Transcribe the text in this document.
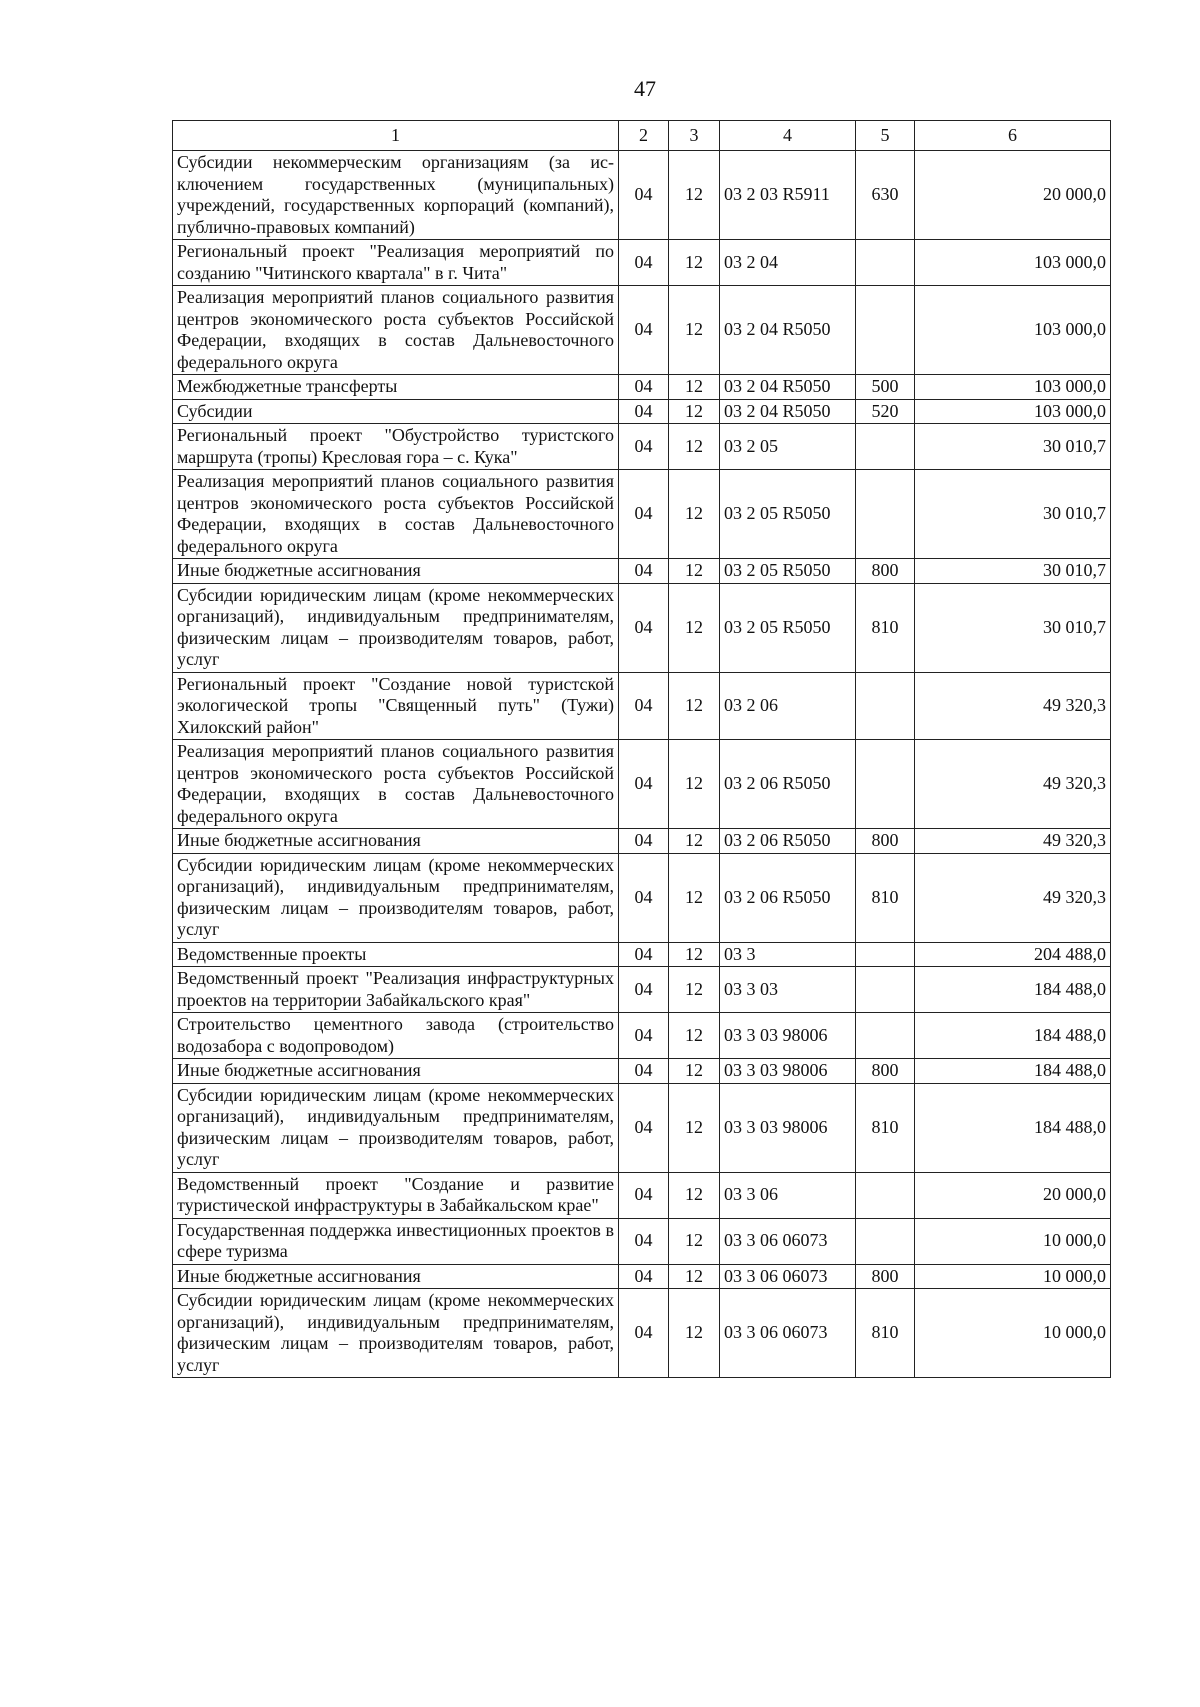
47
1	2	3	4	5	6
Субсидии некоммерческим организациям (за исключением государственных (муниципальных) учреждений, государственных корпораций (компаний), публично-правовых компаний)	04	12	03 2 03 R5911	630	20 000,0
Региональный проект "Реализация мероприятий по созданию "Читинского квартала" в г. Чита"	04	12	03 2 04		103 000,0
Реализация мероприятий планов социального развития центров экономического роста субъектов Российской Федерации, входящих в состав Дальневосточного федерального округа	04	12	03 2 04 R5050		103 000,0
Межбюджетные трансферты	04	12	03 2 04 R5050	500	103 000,0
Субсидии	04	12	03 2 04 R5050	520	103 000,0
Региональный проект "Обустройство туристского маршрута (тропы) Кресловая гора – с. Кука"	04	12	03 2 05		30 010,7
Реализация мероприятий планов социального развития центров экономического роста субъектов Российской Федерации, входящих в состав Дальневосточного федерального округа	04	12	03 2 05 R5050		30 010,7
Иные бюджетные ассигнования	04	12	03 2 05 R5050	800	30 010,7
Субсидии юридическим лицам (кроме некоммерческих организаций), индивидуальным предпринимателям, физическим лицам – производителям товаров, работ, услуг	04	12	03 2 05 R5050	810	30 010,7
Региональный проект "Создание новой туристской экологической тропы "Священный путь" (Тужи) Хилокский район"	04	12	03 2 06		49 320,3
Реализация мероприятий планов социального развития центров экономического роста субъектов Российской Федерации, входящих в состав Дальневосточного федерального округа	04	12	03 2 06 R5050		49 320,3
Иные бюджетные ассигнования	04	12	03 2 06 R5050	800	49 320,3
Субсидии юридическим лицам (кроме некоммерческих организаций), индивидуальным предпринимателям, физическим лицам – производителям товаров, работ, услуг	04	12	03 2 06 R5050	810	49 320,3
Ведомственные проекты	04	12	03 3		204 488,0
Ведомственный проект "Реализация инфраструктурных проектов на территории Забайкальского края"	04	12	03 3 03		184 488,0
Строительство цементного завода (строительство водозабора с водопроводом)	04	12	03 3 03 98006		184 488,0
Иные бюджетные ассигнования	04	12	03 3 03 98006	800	184 488,0
Субсидии юридическим лицам (кроме некоммерческих организаций), индивидуальным предпринимателям, физическим лицам – производителям товаров, работ, услуг	04	12	03 3 03 98006	810	184 488,0
Ведомственный проект "Создание и развитие туристической инфраструктуры в Забайкальском крае"	04	12	03 3 06		20 000,0
Государственная поддержка инвестиционных проектов в сфере туризма	04	12	03 3 06 06073		10 000,0
Иные бюджетные ассигнования	04	12	03 3 06 06073	800	10 000,0
Субсидии юридическим лицам (кроме некоммерческих организаций), индивидуальным предпринимателям, физическим лицам – производителям товаров, работ, услуг	04	12	03 3 06 06073	810	10 000,0
